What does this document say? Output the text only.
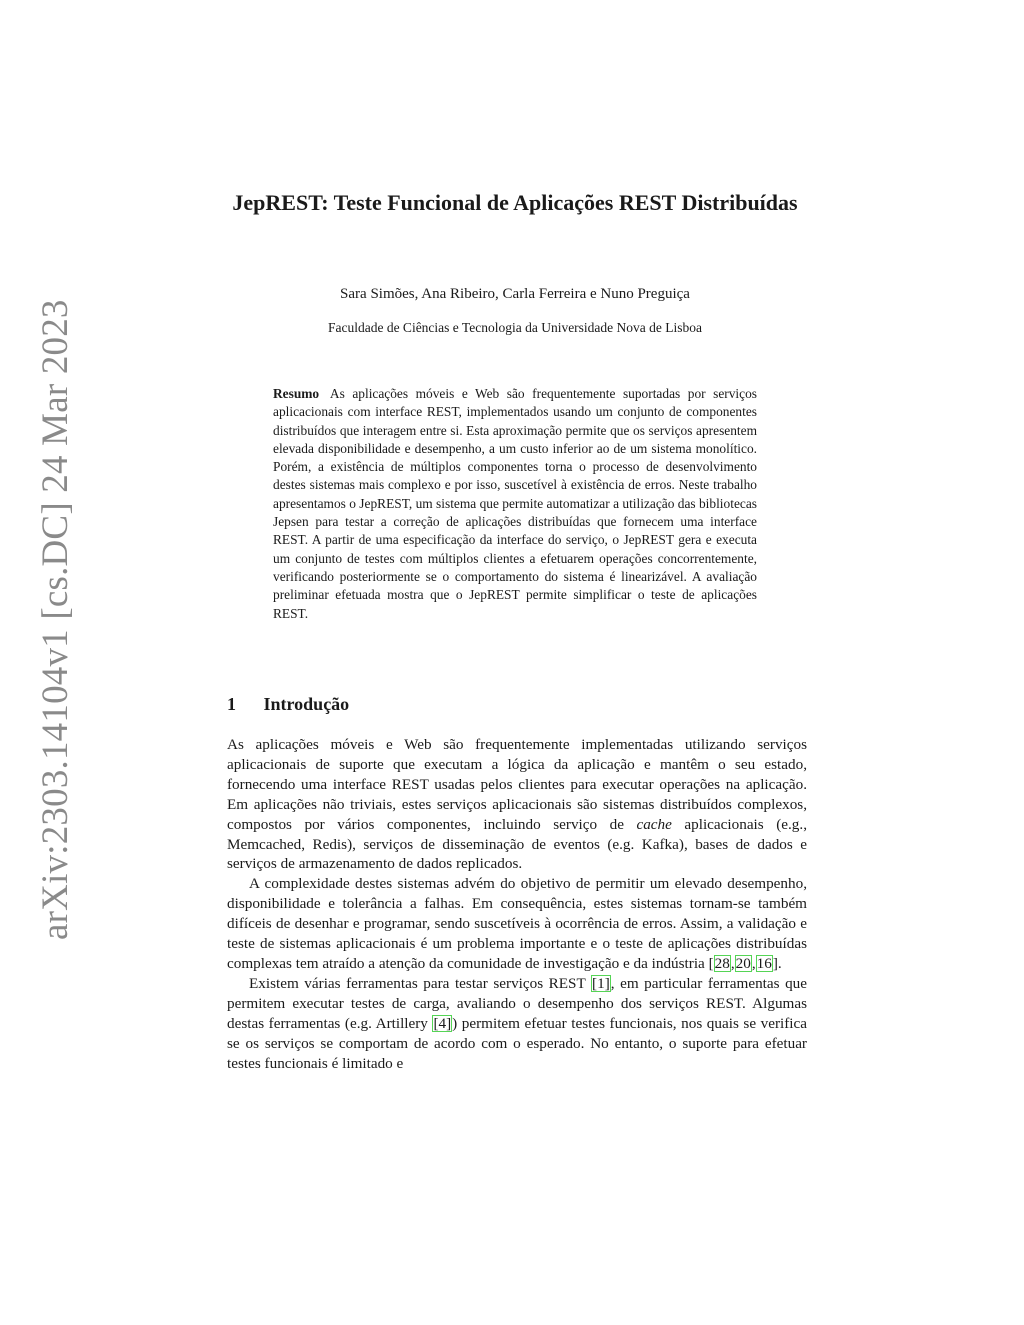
arXiv:2303.14104v1 [cs.DC] 24 Mar 2023
JepREST: Teste Funcional de Aplicações REST Distribuídas
Sara Simões, Ana Ribeiro, Carla Ferreira e Nuno Preguiça
Faculdade de Ciências e Tecnologia da Universidade Nova de Lisboa
Resumo As aplicações móveis e Web são frequentemente suportadas por serviços aplicacionais com interface REST, implementados usando um conjunto de componentes distribuídos que interagem entre si. Esta aproximação permite que os serviços apresentem elevada disponibilidade e desempenho, a um custo inferior ao de um sistema monolítico. Porém, a existência de múltiplos componentes torna o processo de desenvolvimento destes sistemas mais complexo e por isso, suscetível à existência de erros. Neste trabalho apresentamos o JepREST, um sistema que permite automatizar a utilização das bibliotecas Jepsen para testar a correção de aplicações distribuídas que fornecem uma interface REST. A partir de uma especificação da interface do serviço, o JepREST gera e executa um conjunto de testes com múltiplos clientes a efetuarem operações concorrentemente, verificando posteriormente se o comportamento do sistema é linearizável. A avaliação preliminar efetuada mostra que o JepREST permite simplificar o teste de aplicações REST.
1 Introdução

As aplicações móveis e Web são frequentemente implementadas utilizando serviços aplicacionais de suporte que executam a lógica da aplicação e mantêm o seu estado, fornecendo uma interface REST usadas pelos clientes para executar operações na aplicação. Em aplicações não triviais, estes serviços aplicacionais são sistemas distribuídos complexos, compostos por vários componentes, incluindo serviço de cache aplicacionais (e.g., Memcached, Redis), serviços de disseminação de eventos (e.g. Kafka), bases de dados e serviços de armazenamento de dados replicados.

A complexidade destes sistemas advém do objetivo de permitir um elevado desempenho, disponibilidade e tolerância a falhas. Em consequência, estes sistemas tornam-se também difíceis de desenhar e programar, sendo suscetíveis à ocorrência de erros. Assim, a validação e teste de sistemas aplicacionais é um problema importante e o teste de aplicações distribuídas complexas tem atraído a atenção da comunidade de investigação e da indústria [28,20,16].

Existem várias ferramentas para testar serviços REST [1], em particular ferramentas que permitem executar testes de carga, avaliando o desempenho dos serviços REST. Algumas destas ferramentas (e.g. Artillery [4]) permitem efetuar testes funcionais, nos quais se verifica se os serviços se comportam de acordo com o esperado. No entanto, o suporte para efetuar testes funcionais é limitado e
